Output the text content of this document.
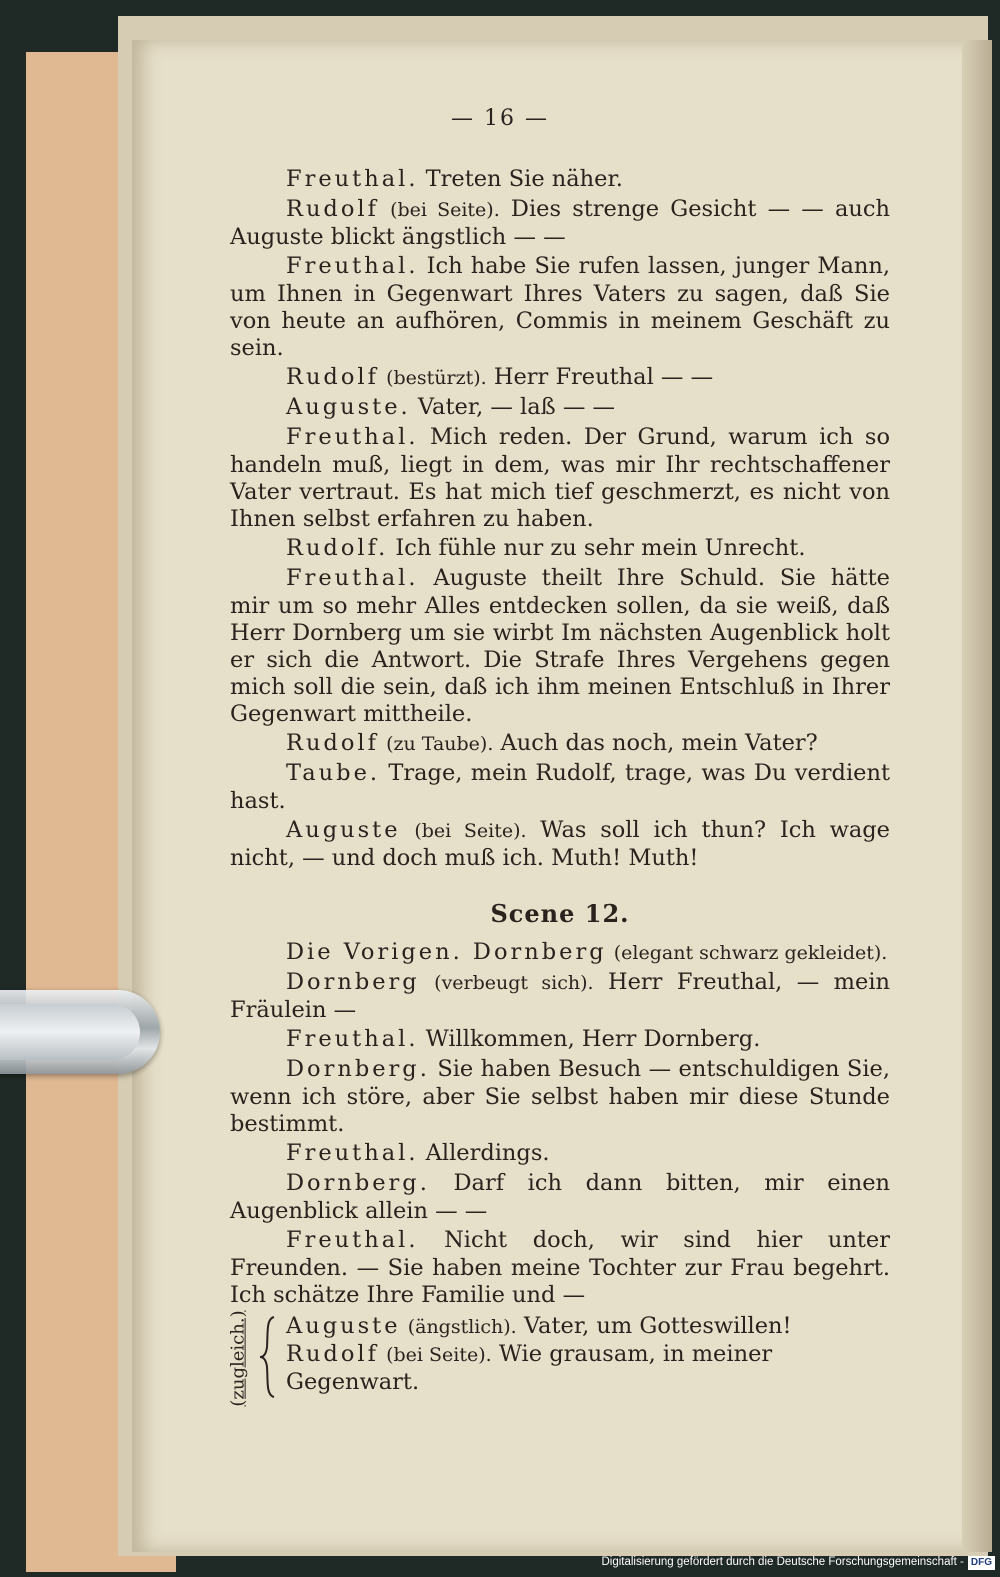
— 16 —
Freuthal. Treten Sie näher.
Rudolf (bei Seite). Dies strenge Gesicht — — auch Auguste blickt ängstlich — —
Freuthal. Ich habe Sie rufen lassen, junger Mann, um Ihnen in Gegenwart Ihres Vaters zu sagen, daß Sie von heute an aufhören, Commis in meinem Geschäft zu sein.
Rudolf (bestürzt). Herr Freuthal — —
Auguste. Vater, — laß — —
Freuthal. Mich reden. Der Grund, warum ich so handeln muß, liegt in dem, was mir Ihr rechtschaffener Vater vertraut. Es hat mich tief geschmerzt, es nicht von Ihnen selbst erfahren zu haben.
Rudolf. Ich fühle nur zu sehr mein Unrecht.
Freuthal. Auguste theilt Ihre Schuld. Sie hätte mir um so mehr Alles entdecken sollen, da sie weiß, daß Herr Dornberg um sie wirbt Im nächsten Augenblick holt er sich die Antwort. Die Strafe Ihres Vergehens gegen mich soll die sein, daß ich ihm meinen Entschluß in Ihrer Gegenwart mittheile.
Rudolf (zu Taube). Auch das noch, mein Vater?
Taube. Trage, mein Rudolf, trage, was Du verdient hast.
Auguste (bei Seite). Was soll ich thun? Ich wage nicht, — und doch muß ich. Muth! Muth!
Scene 12.
Die Vorigen. Dornberg (elegant schwarz gekleidet).
Dornberg (verbeugt sich). Herr Freuthal, — mein Fräulein —
Freuthal. Willkommen, Herr Dornberg.
Dornberg. Sie haben Besuch — entschuldigen Sie, wenn ich störe, aber Sie selbst haben mir diese Stunde bestimmt.
Freuthal. Allerdings.
Dornberg. Darf ich dann bitten, mir einen Augenblick allein — —
Freuthal. Nicht doch, wir sind hier unter Freunden. — Sie haben meine Tochter zur Frau begehrt. Ich schätze Ihre Familie und —
(zugleich.) Auguste (ängstlich). Vater, um Gotteswillen!
Rudolf (bei Seite). Wie grausam, in meiner Gegenwart.
Digitalisierung gefördert durch die Deutsche Forschungsgemeinschaft - DFG
